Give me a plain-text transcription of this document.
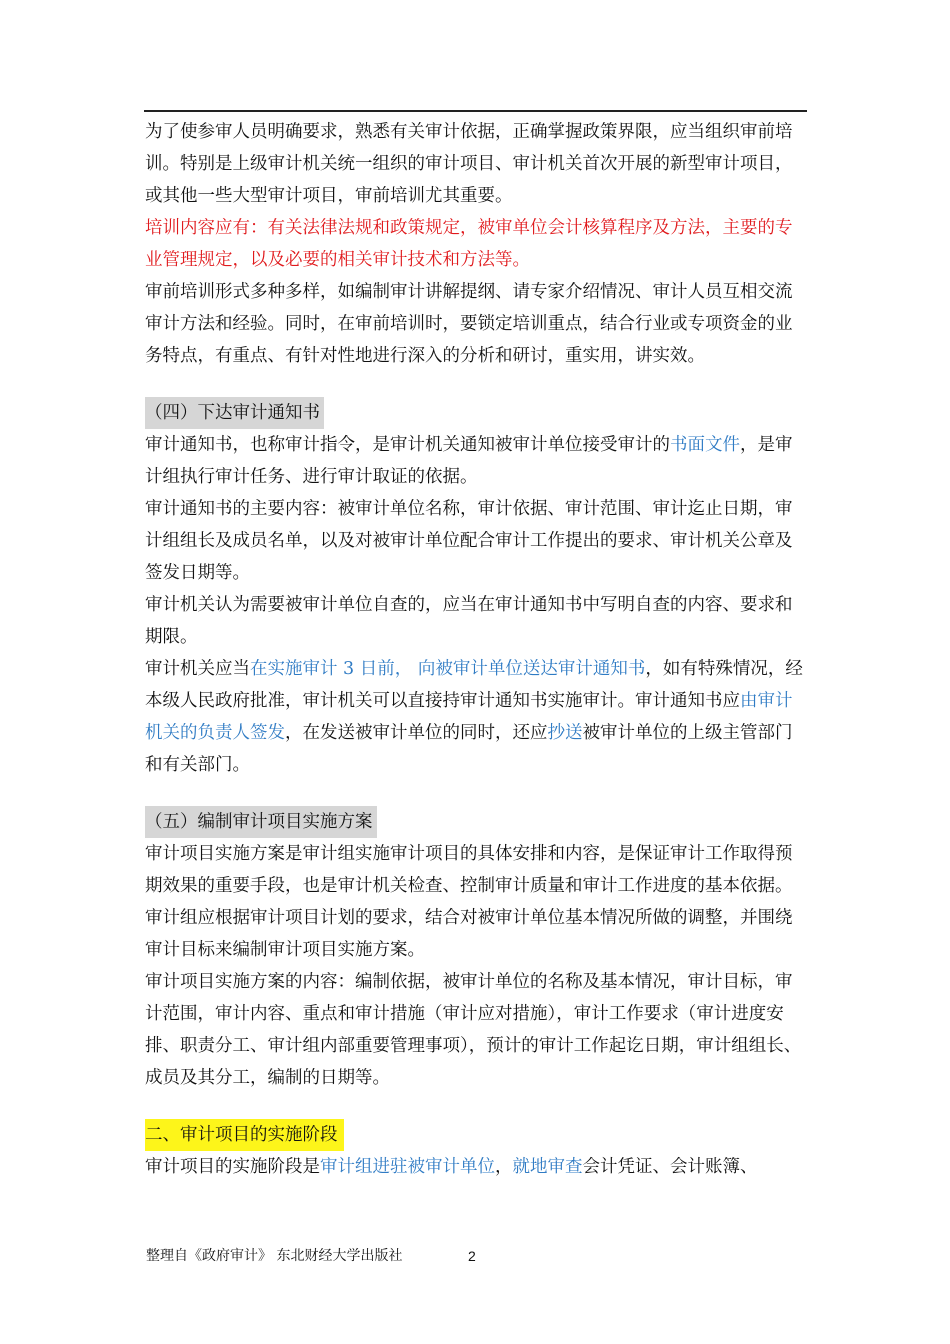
为了使参审人员明确要求，熟悉有关审计依据，正确掌握政策界限，应当组织审前培训。特别是上级审计机关统一组织的审计项目、审计机关首次开展的新型审计项目，或其他一些大型审计项目，审前培训尤其重要。

培训内容应有：有关法律法规和政策规定，被审单位会计核算程序及方法，主要的专业管理规定，以及必要的相关审计技术和方法等。

审前培训形式多种多样，如编制审计讲解提纲、请专家介绍情况、审计人员互相交流审计方法和经验。同时，在审前培训时，要锁定培训重点，结合行业或专项资金的业务特点，有重点、有针对性地进行深入的分析和研讨，重实用，讲实效。

（四）下达审计通知书

审计通知书，也称审计指令，是审计机关通知被审计单位接受审计的书面文件，是审计组执行审计任务、进行审计取证的依据。

审计通知书的主要内容：被审计单位名称，审计依据、审计范围、审计迄止日期，审计组组长及成员名单，以及对被审计单位配合审计工作提出的要求、审计机关公章及签发日期等。

审计机关认为需要被审计单位自查的，应当在审计通知书中写明自查的内容、要求和期限。

审计机关应当在实施审计 3 日前， 向被审计单位送达审计通知书，如有特殊情况，经本级人民政府批准，审计机关可以直接持审计通知书实施审计。审计通知书应由审计机关的负责人签发，在发送被审计单位的同时，还应抄送被审计单位的上级主管部门和有关部门。

（五）编制审计项目实施方案

审计项目实施方案是审计组实施审计项目的具体安排和内容，是保证审计工作取得预期效果的重要手段，也是审计机关检查、控制审计质量和审计工作进度的基本依据。审计组应根据审计项目计划的要求，结合对被审计单位基本情况所做的调整，并围绕审计目标来编制审计项目实施方案。

审计项目实施方案的内容：编制依据，被审计单位的名称及基本情况，审计目标，审计范围，审计内容、重点和审计措施（审计应对措施），审计工作要求（审计进度安排、职责分工、审计组内部重要管理事项），预计的审计工作起讫日期，审计组组长、成员及其分工，编制的日期等。

二、审计项目的实施阶段

审计项目的实施阶段是审计组进驻被审计单位，就地审查会计凭证、会计账簿、

整理自《政府审计》 东北财经大学出版社	2
